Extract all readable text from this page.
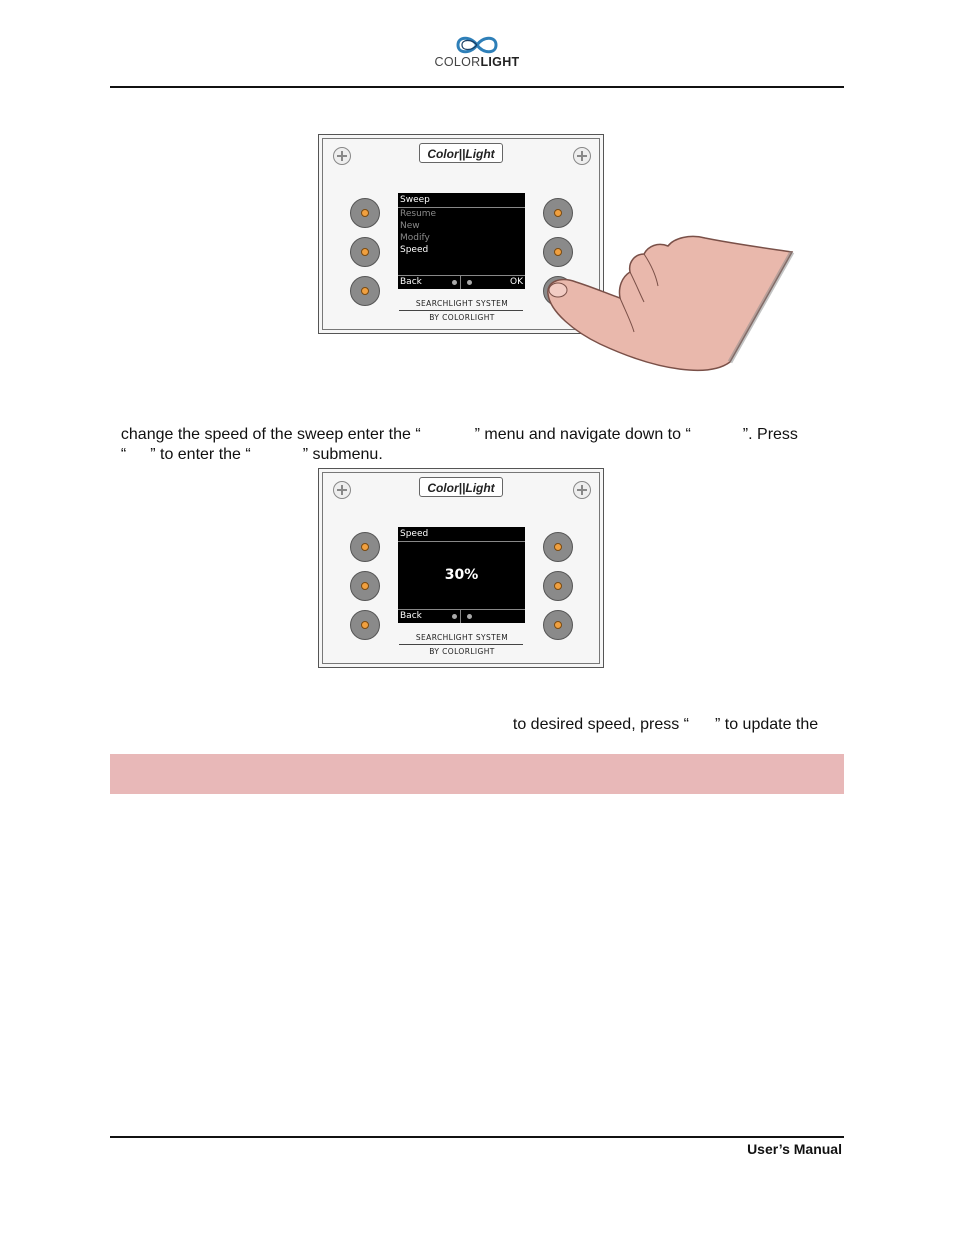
COLORLIGHT
Color||Light
Sweep
Resume
New
Modify
Speed
Back	OK
SEARCHLIGHT SYSTEM
BY COLORLIGHT

change the speed of the sweep enter the “	” menu and navigate down to “	”. Press

“ ” to enter the “	” submenu.

Color||Light
Speed
30%
Back
SEARCHLIGHT SYSTEM
BY COLORLIGHT

to desired speed, press “ ” to update the

User’s Manual
